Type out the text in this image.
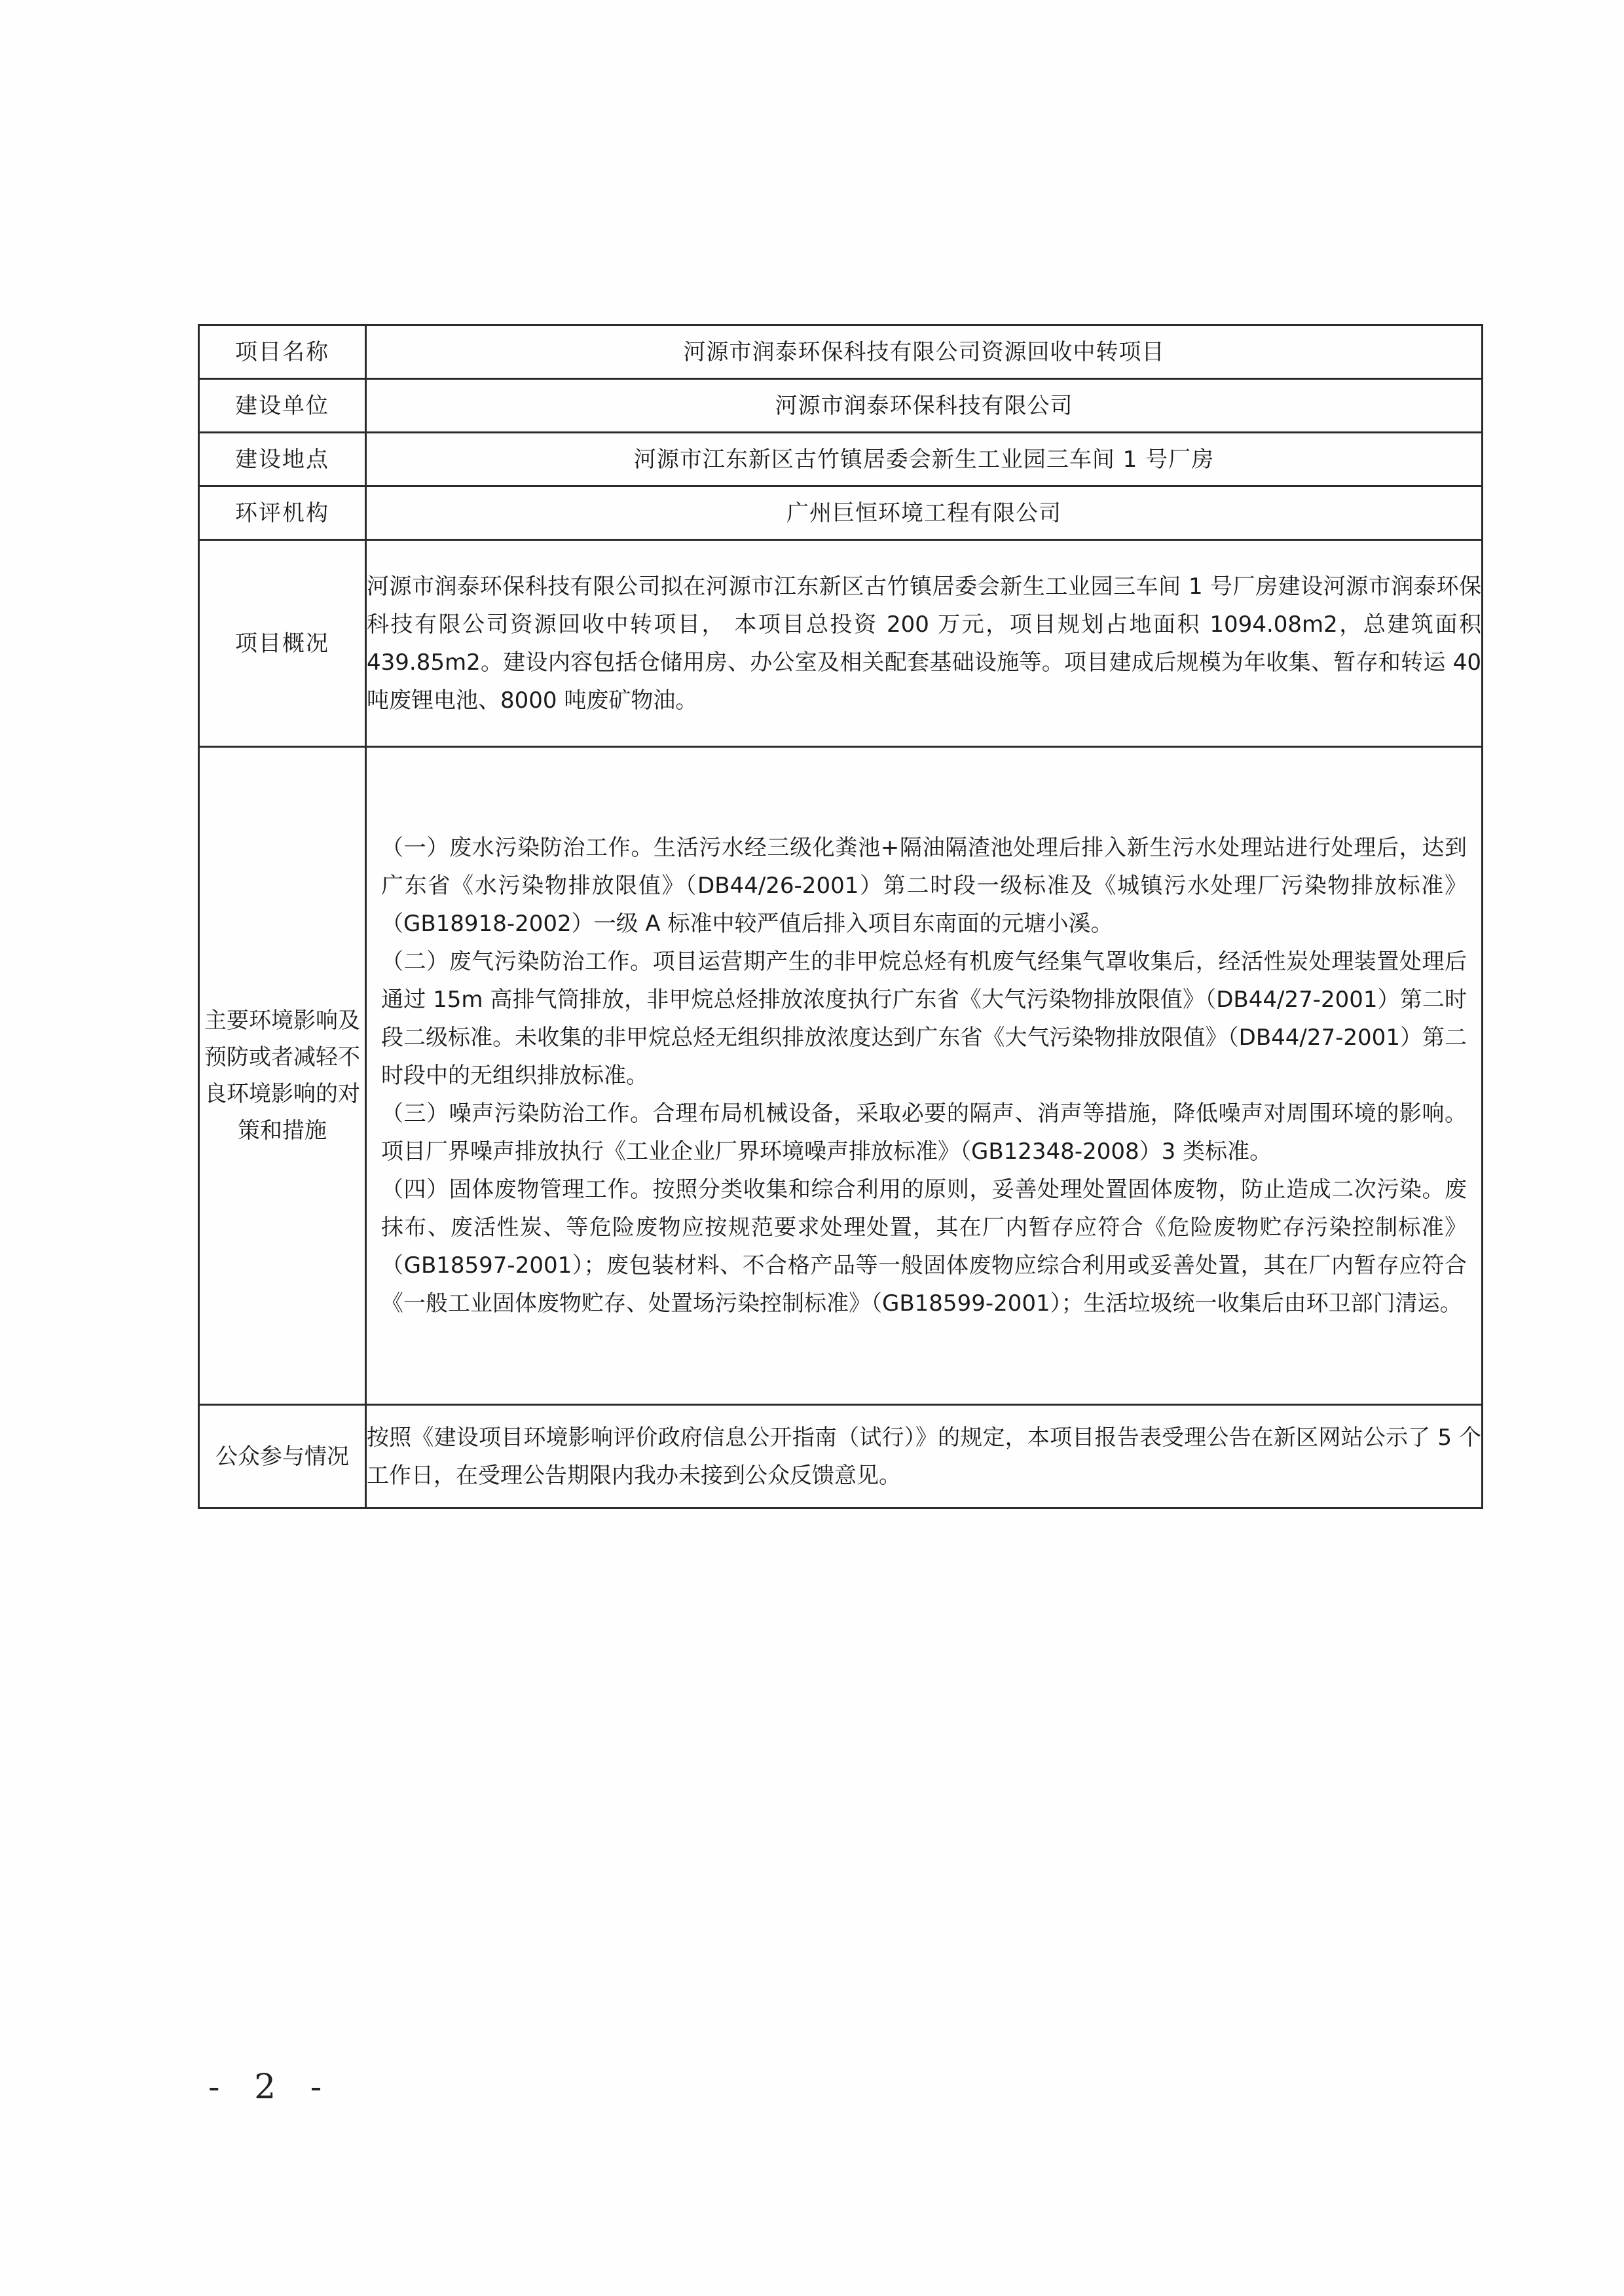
项目名称	河源市润泰环保科技有限公司资源回收中转项目
建设单位	河源市润泰环保科技有限公司
建设地点	河源市江东新区古竹镇居委会新生工业园三车间 1 号厂房
环评机构	广州巨恒环境工程有限公司
项目概况	河源市润泰环保科技有限公司拟在河源市江东新区古竹镇居委会新生工业园三车间 1 号厂房建设河源市润泰环保科技有限公司资源回收中转项目， 本项目总投资 200 万元，项目规划占地面积 1094.08m2，总建筑面积 439.85m2。建设内容包括仓储用房、办公室及相关配套基础设施等。项目建成后规模为年收集、暂存和转运 40 吨废锂电池、8000 吨废矿物油。

主要环境影响及预防或者减轻不良环境影响的对策和措施	（一）废水污染防治工作。生活污水经三级化粪池+隔油隔渣池处理后排入新生污水处理站进行处理后，达到广东省《水污染物排放限值》（DB44/26-2001）第二时段一级标准及《城镇污水处理厂污染物排放标准》（GB18918-2002）一级 A 标准中较严值后排入项目东南面的元塘小溪。

（二）废气污染防治工作。项目运营期产生的非甲烷总烃有机废气经集气罩收集后，经活性炭处理装置处理后通过 15m 高排气筒排放，非甲烷总烃排放浓度执行广东省《大气污染物排放限值》（DB44/27-2001）第二时段二级标准。未收集的非甲烷总烃无组织排放浓度达到广东省《大气污染物排放限值》（DB44/27-2001）第二时段中的无组织排放标准。

（三）噪声污染防治工作。合理布局机械设备，采取必要的隔声、消声等措施，降低噪声对周围环境的影响。项目厂界噪声排放执行《工业企业厂界环境噪声排放标准》（GB12348-2008）3 类标准。

（四）固体废物管理工作。按照分类收集和综合利用的原则，妥善处理处置固体废物，防止造成二次污染。废抹布、废活性炭、等危险废物应按规范要求处理处置，其在厂内暂存应符合《危险废物贮存污染控制标准》（GB18597-2001）；废包装材料、不合格产品等一般固体废物应综合利用或妥善处置，其在厂内暂存应符合《一般工业固体废物贮存、处置场污染控制标准》（GB18599-2001）；生活垃圾统一收集后由环卫部门清运。

公众参与情况	按照《建设项目环境影响评价政府信息公开指南（试行）》的规定，本项目报告表受理公告在新区网站公示了 5 个工作日，在受理公告期限内我办未接到公众反馈意见。

- 2 -
